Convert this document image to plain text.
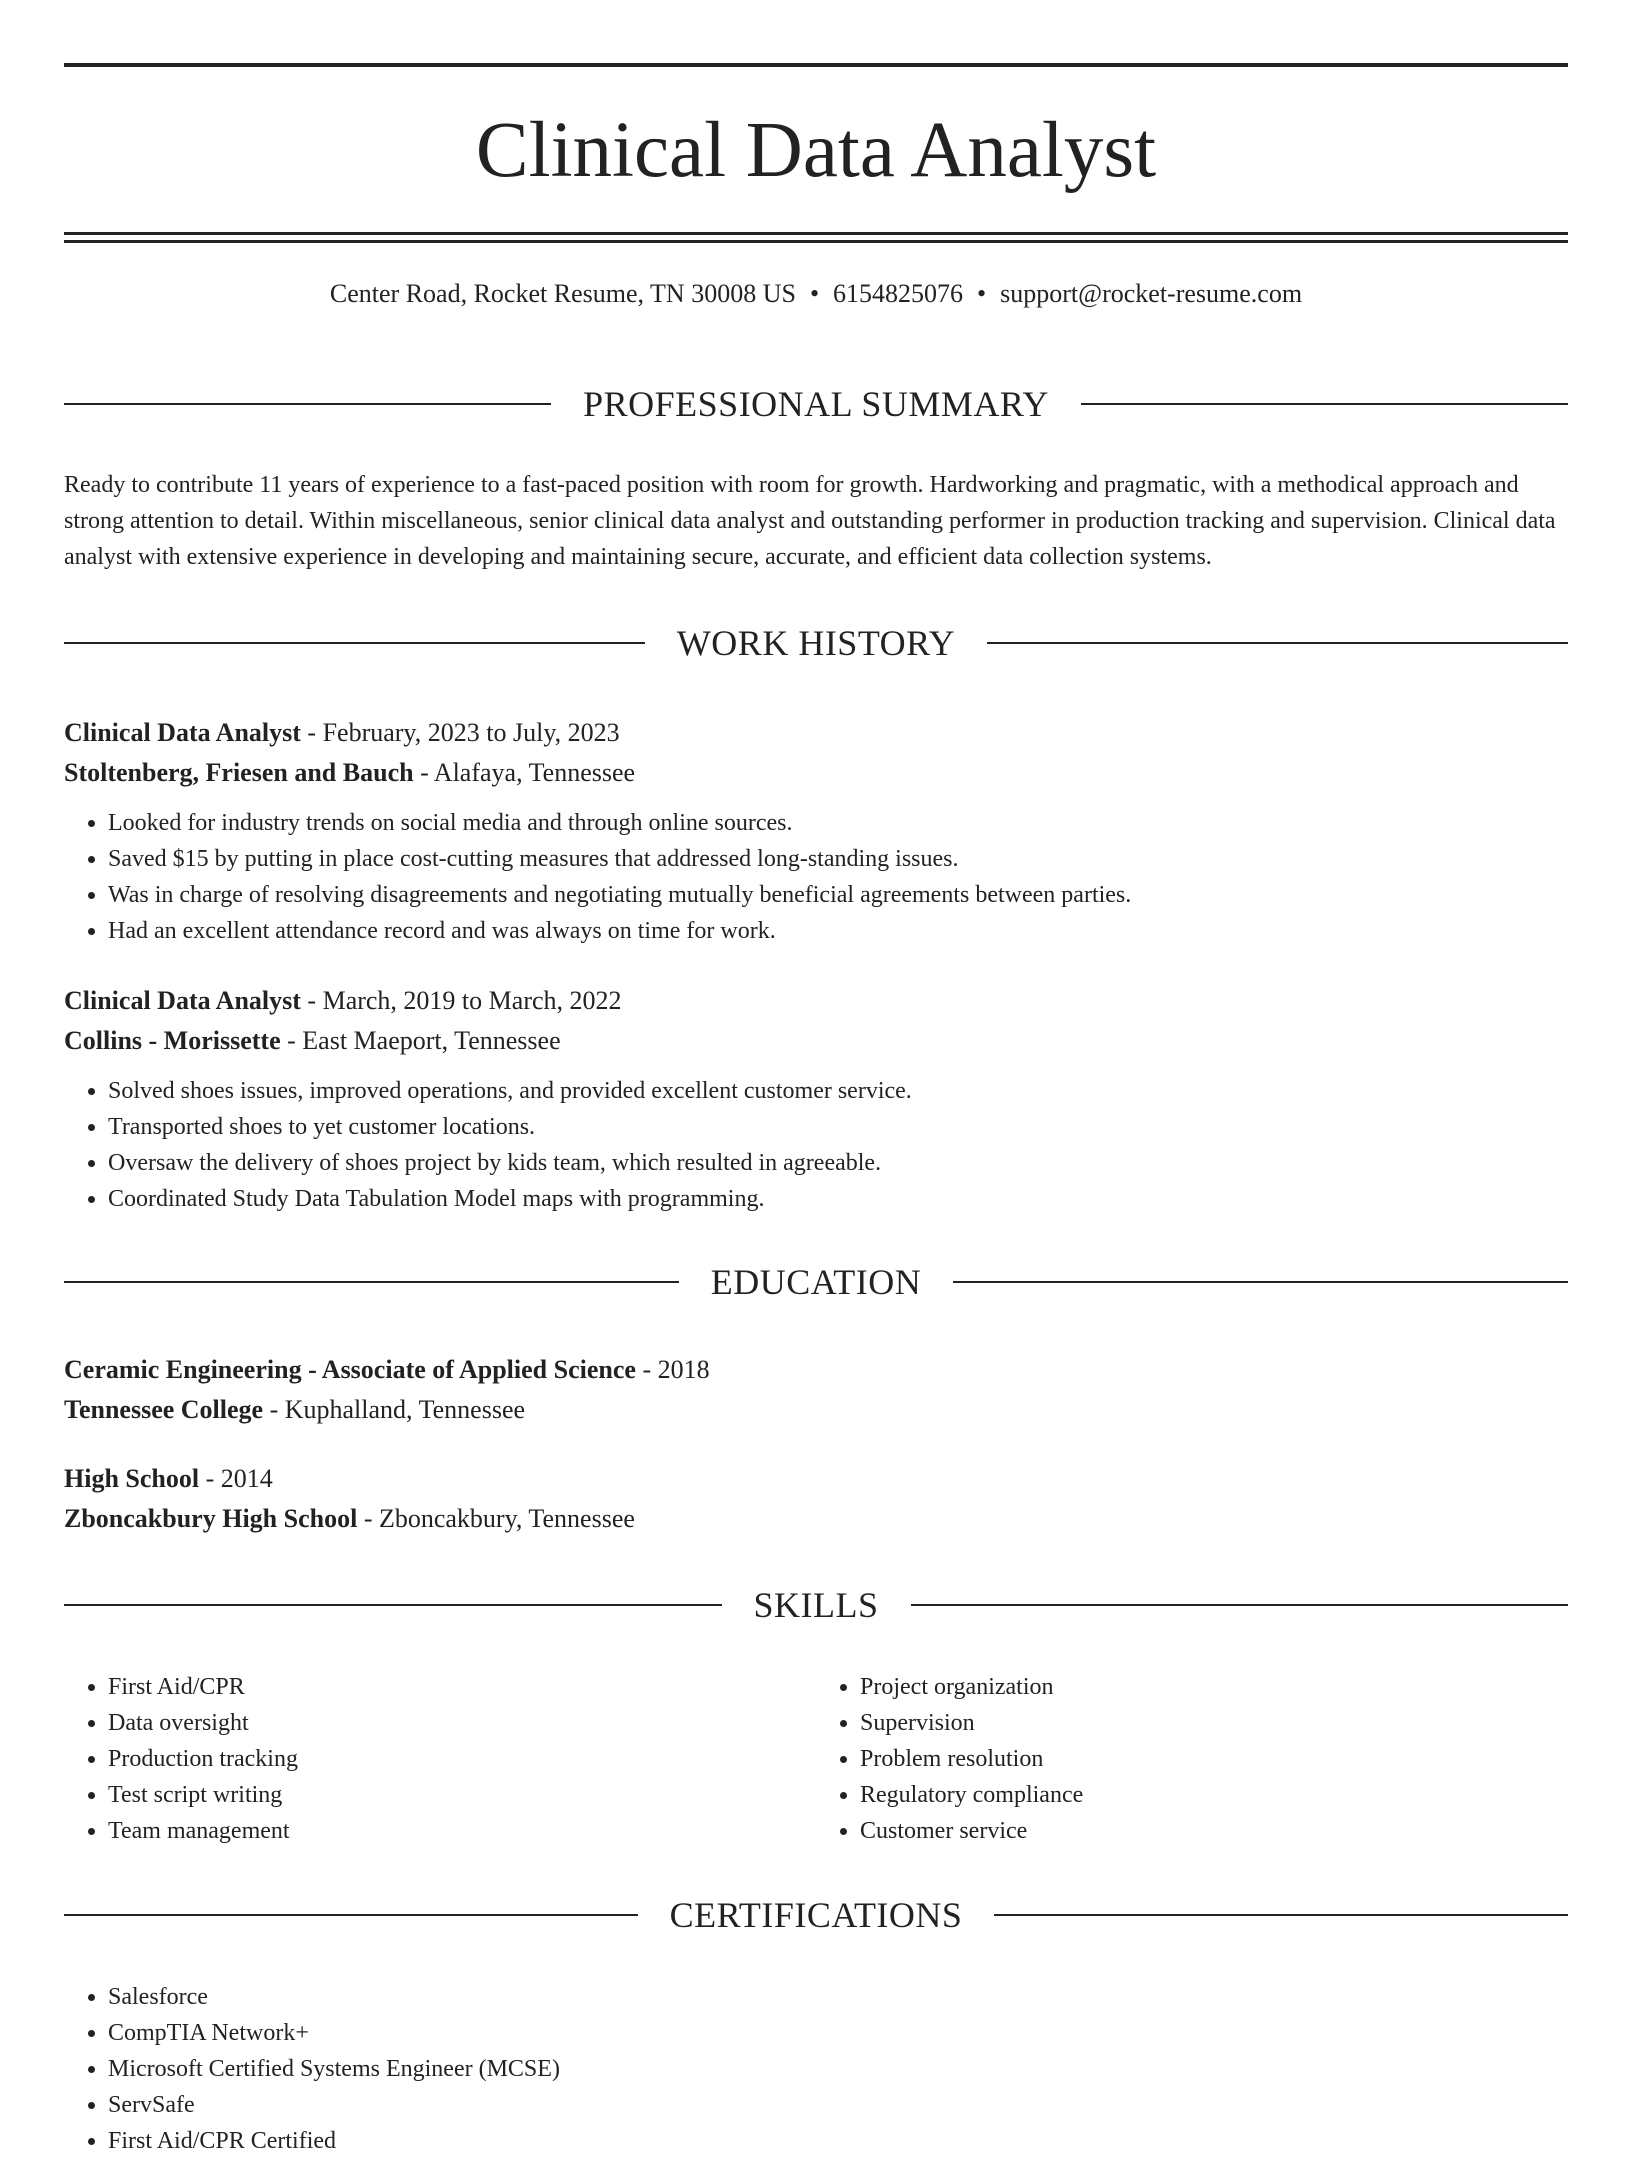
Clinical Data Analyst
Center Road, Rocket Resume, TN 30008 US • 6154825076 • support@rocket-resume.com
PROFESSIONAL SUMMARY

Ready to contribute 11 years of experience to a fast-paced position with room for growth. Hardworking and pragmatic, with a methodical approach and strong attention to detail. Within miscellaneous, senior clinical data analyst and outstanding performer in production tracking and supervision. Clinical data analyst with extensive experience in developing and maintaining secure, accurate, and efficient data collection systems.

WORK HISTORY
Clinical Data Analyst - February, 2023 to July, 2023
Stoltenberg, Friesen and Bauch - Alafaya, Tennessee
• Looked for industry trends on social media and through online sources.
• Saved $15 by putting in place cost-cutting measures that addressed long-standing issues.
• Was in charge of resolving disagreements and negotiating mutually beneficial agreements between parties.
• Had an excellent attendance record and was always on time for work.
Clinical Data Analyst - March, 2019 to March, 2022
Collins - Morissette - East Maeport, Tennessee
• Solved shoes issues, improved operations, and provided excellent customer service.
• Transported shoes to yet customer locations.
• Oversaw the delivery of shoes project by kids team, which resulted in agreeable.
• Coordinated Study Data Tabulation Model maps with programming.
EDUCATION
Ceramic Engineering - Associate of Applied Science - 2018
Tennessee College - Kuphalland, Tennessee
High School - 2014
Zboncakbury High School - Zboncakbury, Tennessee
SKILLS
• First Aid/CPR
• Data oversight
• Production tracking
• Test script writing
• Team management
• Project organization
• Supervision
• Problem resolution
• Regulatory compliance
• Customer service
CERTIFICATIONS
• Salesforce
• CompTIA Network+
• Microsoft Certified Systems Engineer (MCSE)
• ServSafe
• First Aid/CPR Certified
